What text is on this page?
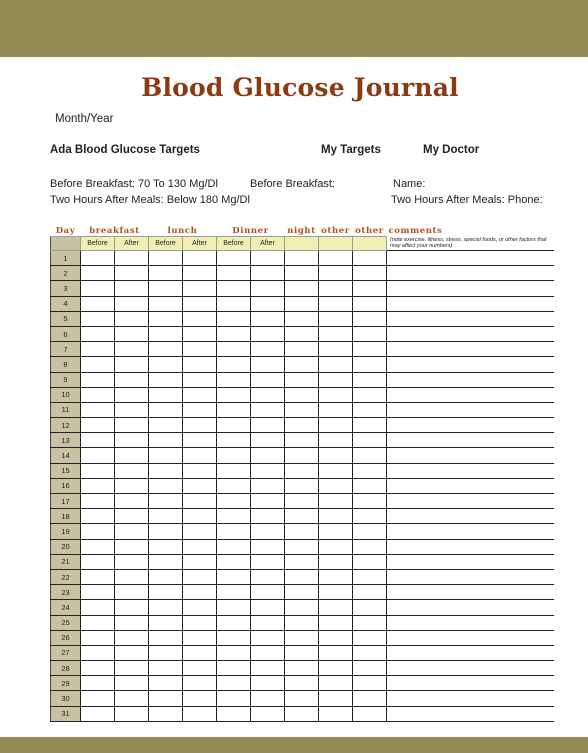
Blood Glucose Journal
Month/Year
Ada Blood Glucose Targets	My Targets	My Doctor
Before Breakfast: 70 To 130 Mg/Dl	Before Breakfast:	Name:
Two Hours After Meals: Below 180 Mg/Dl	Two Hours After Meals: Phone:
Day	breakfast		lunch		Dinner		night	other	other	comments
	Before	After	Before	After	Before	After				(note exercise, illness, stress, special foods, or other factors that may affect your numbers)
1										
2										
3										
4										
5										
6										
7										
8										
9										
10										
11										
12										
13										
14										
15										
16										
17										
18										
19										
20										
21										
22										
23										
24										
25										
26										
27										
28										
29										
30										
31										
